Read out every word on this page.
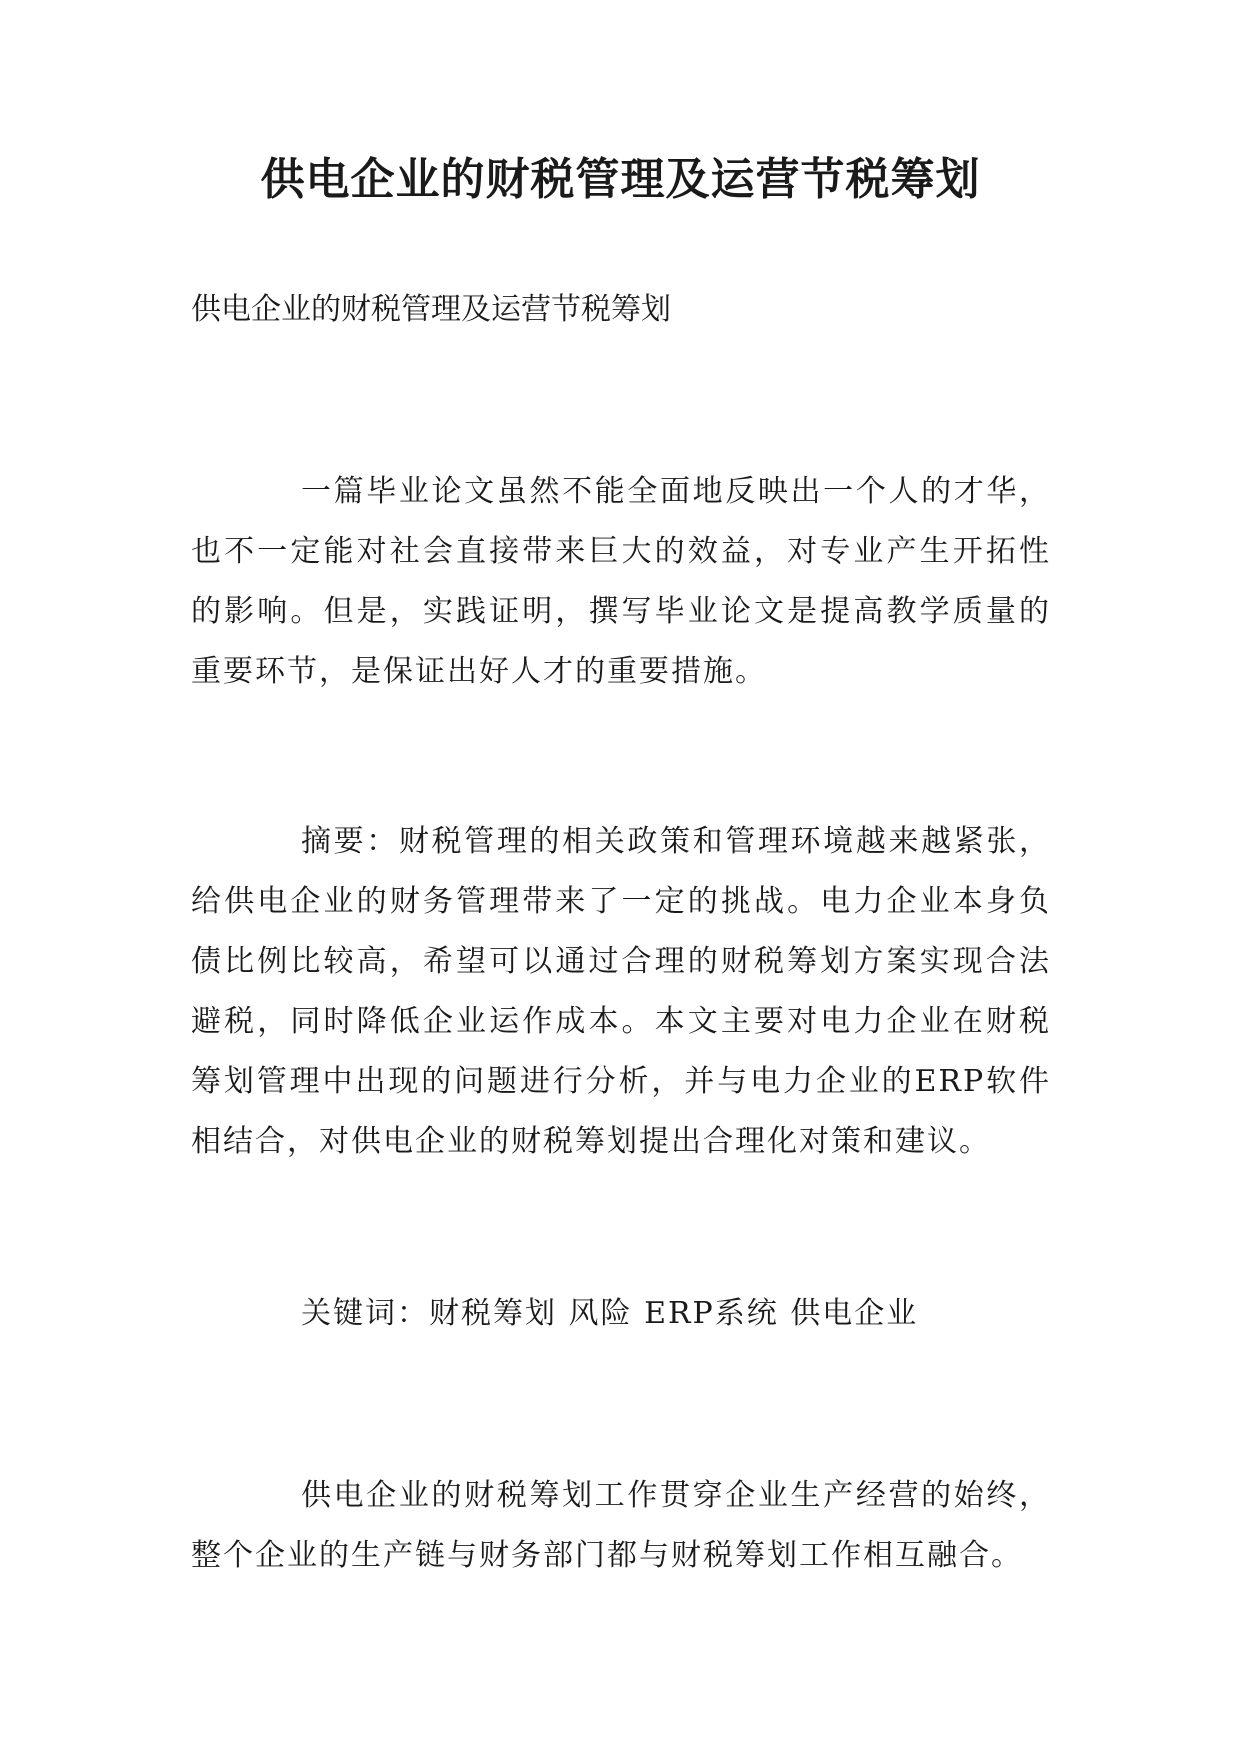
供电企业的财税管理及运营节税筹划

供电企业的财税管理及运营节税筹划

一篇毕业论文虽然不能全面地反映出一个人的才华，也不一定能对社会直接带来巨大的效益，对专业产生开拓性的影响。但是，实践证明，撰写毕业论文是提高教学质量的重要环节，是保证出好人才的重要措施。

摘要：财税管理的相关政策和管理环境越来越紧张，给供电企业的财务管理带来了一定的挑战。电力企业本身负债比例比较高，希望可以通过合理的财税筹划方案实现合法避税，同时降低企业运作成本。本文主要对电力企业在财税筹划管理中出现的问题进行分析，并与电力企业的ERP软件相结合，对供电企业的财税筹划提出合理化对策和建议。

关键词：财税筹划 风险 ERP系统 供电企业

供电企业的财税筹划工作贯穿企业生产经营的始终，整个企业的生产链与财务部门都与财税筹划工作相互融合。
